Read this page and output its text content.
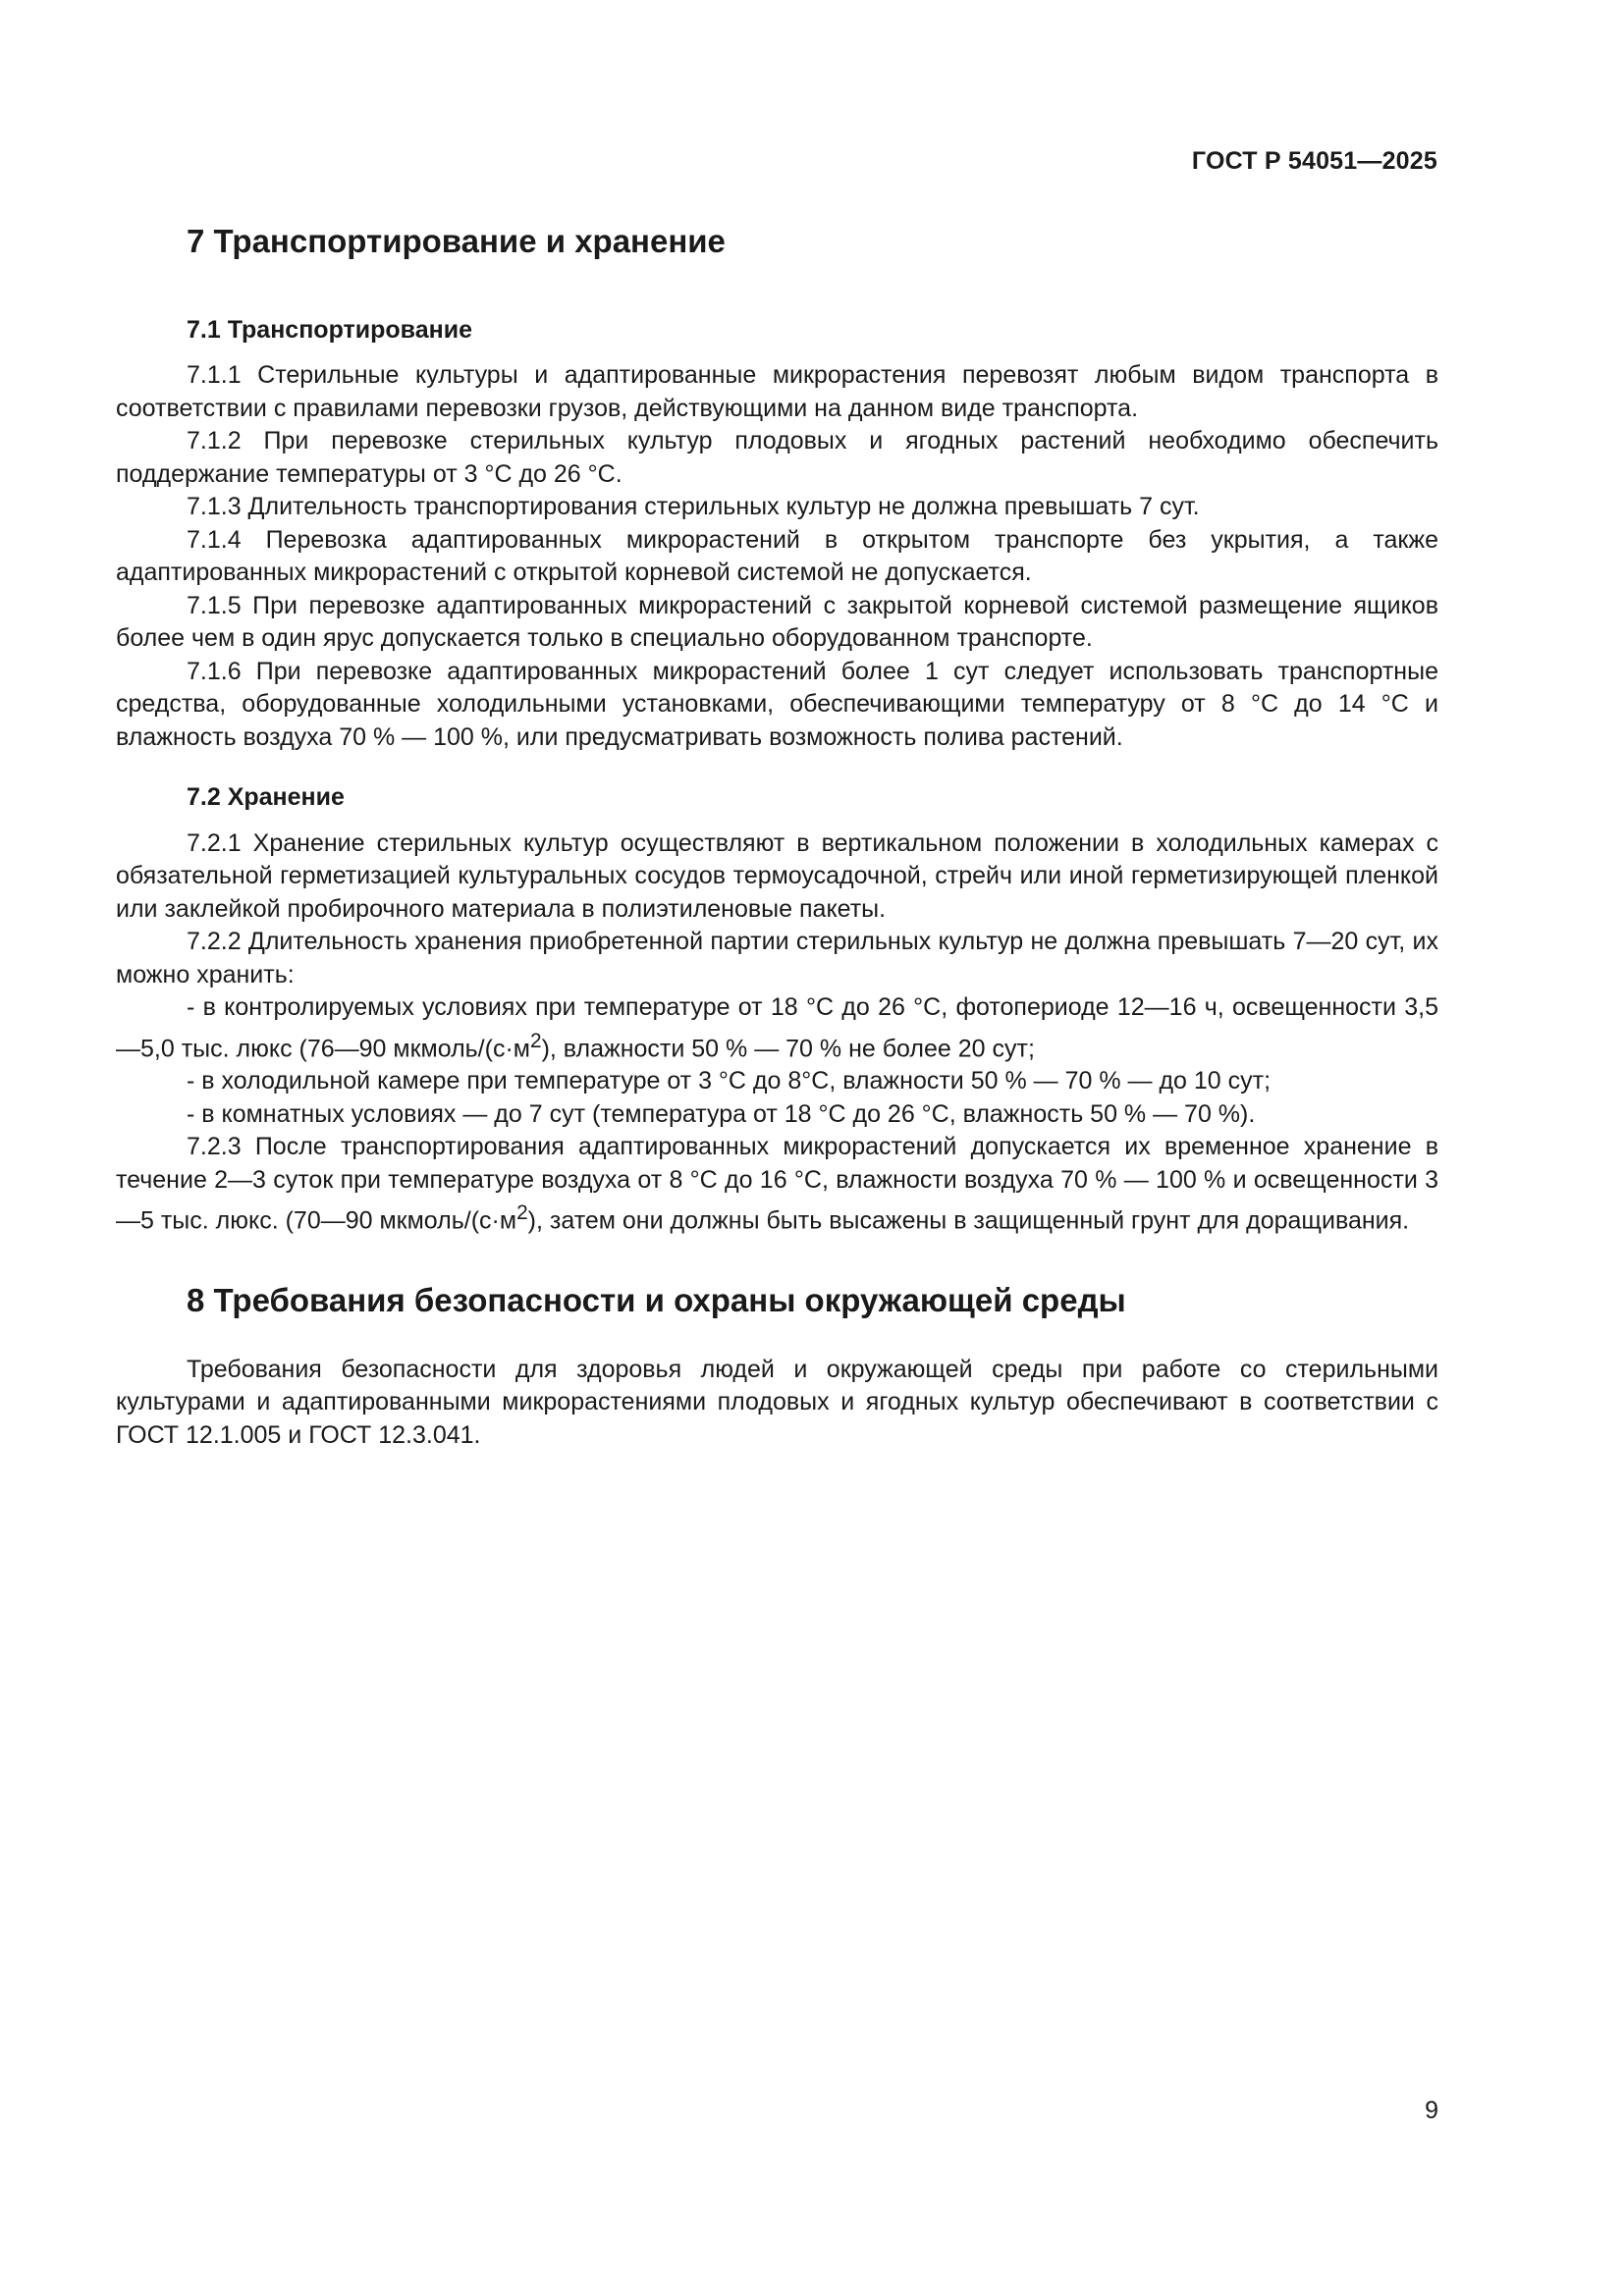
ГОСТ Р 54051—2025
7 Транспортирование и хранение
7.1 Транспортирование

7.1.1 Стерильные культуры и адаптированные микрорастения перевозят любым видом транспорта в соответствии с правилами перевозки грузов, действующими на данном виде транспорта.

7.1.2 При перевозке стерильных культур плодовых и ягодных растений необходимо обеспечить поддержание температуры от 3 °С до 26 °С.

7.1.3 Длительность транспортирования стерильных культур не должна превышать 7 сут.

7.1.4 Перевозка адаптированных микрорастений в открытом транспорте без укрытия, а также адаптированных микрорастений с открытой корневой системой не допускается.

7.1.5 При перевозке адаптированных микрорастений с закрытой корневой системой размещение ящиков более чем в один ярус допускается только в специально оборудованном транспорте.

7.1.6 При перевозке адаптированных микрорастений более 1 сут следует использовать транспортные средства, оборудованные холодильными установками, обеспечивающими температуру от 8 °С до 14 °С и влажность воздуха 70 % — 100 %, или предусматривать возможность полива растений.

7.2 Хранение

7.2.1 Хранение стерильных культур осуществляют в вертикальном положении в холодильных камерах с обязательной герметизацией культуральных сосудов термоусадочной, стрейч или иной герметизирующей пленкой или заклейкой пробирочного материала в полиэтиленовые пакеты.

7.2.2 Длительность хранения приобретенной партии стерильных культур не должна превышать 7—20 сут, их можно хранить:

- в контролируемых условиях при температуре от 18 °С до 26 °С, фотопериоде 12—16 ч, освещенности 3,5—5,0 тыс. люкс (76—90 мкмоль/$(с\cdot м^2)$, влажности 50 % — 70 % не более 20 сут;

- в холодильной камере при температуре от 3 °С до 8°С, влажности 50 % — 70 % — до 10 сут;

- в комнатных условиях — до 7 сут (температура от 18 °С до 26 °С, влажность 50 % — 70 %).

7.2.3 После транспортирования адаптированных микрорастений допускается их временное хранение в течение 2—3 суток при температуре воздуха от 8 °С до 16 °С, влажности воздуха 70 % — 100 % и освещенности 3—5 тыс. люкс. (70—90 мкмоль/$(с\cdot м^2)$, затем они должны быть высажены в защищенный грунт для доращивания.

8 Требования безопасности и охраны окружающей среды

Требования безопасности для здоровья людей и окружающей среды при работе со стерильными культурами и адаптированными микрорастениями плодовых и ягодных культур обеспечивают в соответствии с ГОСТ 12.1.005 и ГОСТ 12.3.041.

9
